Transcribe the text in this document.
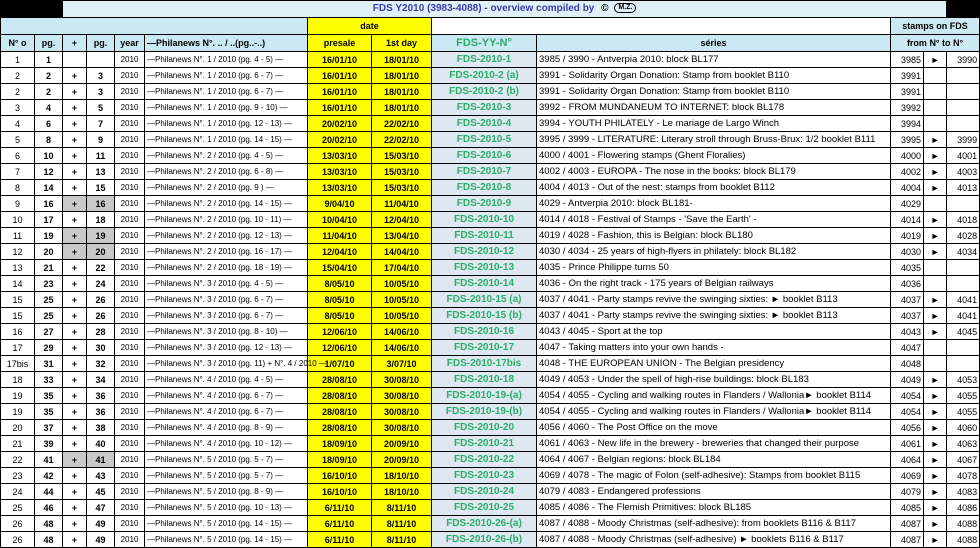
		FDS Y2010 (3983-4088) - overview compiled by © M.Z.										
						date				stamps on FDS		
N° o	pg.	+	pg.	year	—Philanews N°. .. / ..(pg..-..)	presale	1st day	FDS-YY-N°	séries	from N° to N°		
1	1			2010	—Philanews N°. 1 / 2010 (pg. 4 - 5) —	16/01/10	18/01/10	FDS-2010-1	3985 / 3990 - Antverpia 2010: block BL177	3985	►	3990
2	2	+	3	2010	—Philanews N°. 1 / 2010 (pg. 6 - 7) —	16/01/10	18/01/10	FDS-2010-2 (a)	3991 - Solidarity Organ Donation: Stamp from booklet B110	3991		
2	2	+	3	2010	—Philanews N°. 1 / 2010 (pg. 6 - 7) —	16/01/10	18/01/10	FDS-2010-2 (b)	3991 - Solidarity Organ Donation: Stamp from booklet B110	3991		
3	4	+	5	2010	—Philanews N°. 1 / 2010 (pg. 9 - 10) —	16/01/10	18/01/10	FDS-2010-3	3992 - FROM MUNDANEUM TO INTERNET: block BL178	3992		
4	6	+	7	2010	—Philanews N°. 1 / 2010 (pg. 12 - 13) —	20/02/10	22/02/10	FDS-2010-4	3994 - YOUTH PHILATELY - Le mariage de Largo Winch	3994		
5	8	+	9	2010	—Philanews N°. 1 / 2010 (pg. 14 - 15) —	20/02/10	22/02/10	FDS-2010-5	3995 / 3999 - LITERATURE: Literary stroll through Bruss-Brux: 1/2 booklet B111	3995	►	3999
6	10	+	11	2010	—Philanews N°. 2 / 2010 (pg. 4 - 5) —	13/03/10	15/03/10	FDS-2010-6	4000 / 4001 - Flowering stamps (Ghent Floralies)	4000	►	4001
7	12	+	13	2010	—Philanews N°. 2 / 2010 (pg. 6 - 8) —	13/03/10	15/03/10	FDS-2010-7	4002 / 4003 - EUROPA - The nose in the books: block BL179	4002	►	4003
8	14	+	15	2010	—Philanews N°. 2 / 2010 (pg. 9 ) —	13/03/10	15/03/10	FDS-2010-8	4004 / 4013 - Out of the nest: stamps from booklet B112	4004	►	4013
9	16	+	16	2010	—Philanews N°. 2 / 2010 (pg. 14 - 15) —	9/04/10	11/04/10	FDS-2010-9	4029 - Antverpia 2010: block BL181-	4029		
10	17	+	18	2010	—Philanews N°. 2 / 2010 (pg. 10 - 11) —	10/04/10	12/04/10	FDS-2010-10	4014 / 4018 - Festival of Stamps - 'Save the Earth' -	4014	►	4018
11	19	+	19	2010	—Philanews N°. 2 / 2010 (pg. 12 - 13) —	11/04/10	13/04/10	FDS-2010-11	4019 / 4028 - Fashion, this is Belgian: block BL180	4019	►	4028
12	20	+	20	2010	—Philanews N°. 2 / 2010 (pg. 16 - 17) —	12/04/10	14/04/10	FDS-2010-12	4030 / 4034 - 25 years of high-flyers in philately: block BL182	4030	►	4034
13	21	+	22	2010	—Philanews N°. 2 / 2010 (pg. 18 - 19) —	15/04/10	17/04/10	FDS-2010-13	4035 - Prince Philippe turns 50	4035		
14	23	+	24	2010	—Philanews N°. 3 / 2010 (pg. 4 - 5) —	8/05/10	10/05/10	FDS-2010-14	4036 - On the right track - 175 years of Belgian railways	4036		
15	25	+	26	2010	—Philanews N°. 3 / 2010 (pg. 6 - 7) —	8/05/10	10/05/10	FDS-2010-15 (a)	4037 / 4041 - Party stamps revive the swinging sixties: ► booklet B113	4037	►	4041
15	25	+	26	2010	—Philanews N°. 3 / 2010 (pg. 6 - 7) —	8/05/10	10/05/10	FDS-2010-15 (b)	4037 / 4041 - Party stamps revive the swinging sixties: ► booklet B113	4037	►	4041
16	27	+	28	2010	—Philanews N°. 3 / 2010 (pg. 8 - 10) —	12/06/10	14/06/10	FDS-2010-16	4043 / 4045 - Sport at the top	4043	►	4045
17	29	+	30	2010	—Philanews N°. 3 / 2010 (pg. 12 - 13) —	12/06/10	14/06/10	FDS-2010-17	4047 - Taking matters into your own hands -	4047		
17bis	31	+	32	2010	—Philanews N°. 3 / 2010 (pg. 11) + N°. 4 / 2010 —	1/07/10	3/07/10	FDS-2010-17bis	4048 - THE EUROPEAN UNION - The Belgian presidency	4048		
18	33	+	34	2010	—Philanews N°. 4 / 2010 (pg. 4 - 5) —	28/08/10	30/08/10	FDS-2010-18	4049 / 4053 - Under the spell of high-rise buildings: block BL183	4049	►	4053
19	35	+	36	2010	—Philanews N°. 4 / 2010 (pg. 6 - 7) —	28/08/10	30/08/10	FDS-2010-19-(a)	4054 / 4055 - Cycling and walking routes in Flanders / Wallonia► booklet B114	4054	►	4055
19	35	+	36	2010	—Philanews N°. 4 / 2010 (pg. 6 - 7) —	28/08/10	30/08/10	FDS-2010-19-(b)	4054 / 4055 - Cycling and walking routes in Flanders / Wallonia► booklet B114	4054	►	4055
20	37	+	38	2010	—Philanews N°. 4 / 2010 (pg. 8 - 9) —	28/08/10	30/08/10	FDS-2010-20	4056 / 4060 - The Post Office on the move	4056	►	4060
21	39	+	40	2010	—Philanews N°. 4 / 2010 (pg. 10 - 12) —	18/09/10	20/09/10	FDS-2010-21	4061 / 4063 - New life in the brewery - breweries that changed their purpose	4061	►	4063
22	41	+	41	2010	—Philanews N°. 5 / 2010 (pg. 5 - 7) —	18/09/10	20/09/10	FDS-2010-22	4064 / 4067 - Belgian regions: block BL184	4064	►	4067
23	42	+	43	2010	—Philanews N°. 5 / 2010 (pg. 5 - 7) —	16/10/10	18/10/10	FDS-2010-23	4069 / 4078 - The magic of Folon (self-adhesive): Stamps from booklet B115	4069	►	4078
24	44	+	45	2010	—Philanews N°. 5 / 2010 (pg. 8 - 9) —	16/10/10	18/10/10	FDS-2010-24	4079 / 4083 - Endangered professions	4079	►	4083
25	46	+	47	2010	—Philanews N°. 5 / 2010 (pg. 10 - 13) —	6/11/10	8/11/10	FDS-2010-25	4085 / 4086 - The Flemish Primitives: block BL185	4085	►	4086
26	48	+	49	2010	—Philanews N°. 5 / 2010 (pg. 14 - 15) —	6/11/10	8/11/10	FDS-2010-26-(a)	4087 / 4088 - Moody Christmas (self-adhesive): from booklets B116 & B117	4087	►	4088
26	48	+	49	2010	—Philanews N°. 5 / 2010 (pg. 14 - 15) —	6/11/10	8/11/10	FDS-2010-26-(b)	4087 / 4088 - Moody Christmas (self-adhesive) ► booklets B116 & B117	4087	►	4088
